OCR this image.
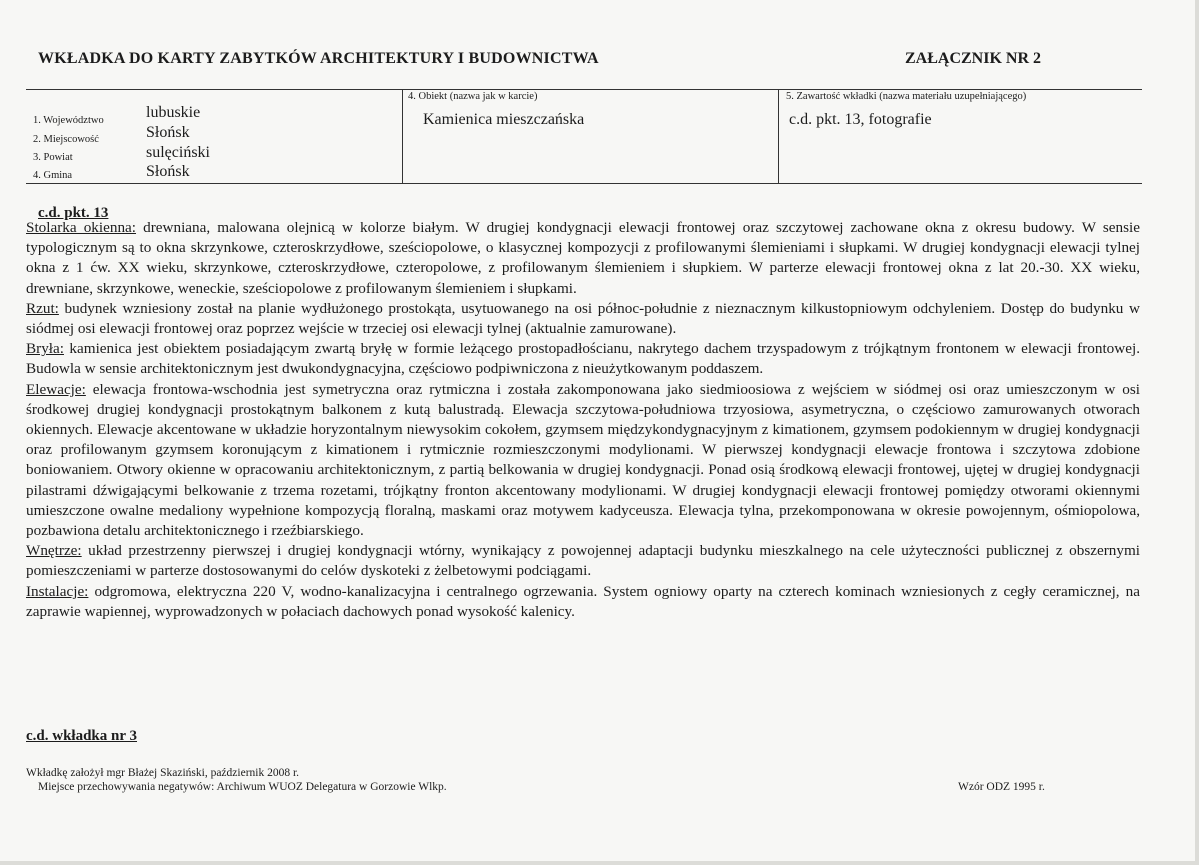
WKŁADKA DO KARTY ZABYTKÓW ARCHITEKTURY I BUDOWNICTWA	ZAŁĄCZNIK NR 2
1. Województwo	lubuskie
2. Miejscowość	Słońsk
3. Powiat	sulęciński
4. Gmina	Słońsk
4. Obiekt (nazwa jak w karcie)
Kamienica mieszczańska
5. Zawartość wkładki (nazwa materiału uzupełniającego)
c.d. pkt. 13, fotografie
c.d. pkt. 13

Stolarka okienna: drewniana, malowana olejnicą w kolorze białym. W drugiej kondygnacji elewacji frontowej oraz szczytowej zachowane okna z okresu budowy. W sensie typologicznym są to okna skrzynkowe, czteroskrzydłowe, sześciopolowe, o klasycznej kompozycji z profilowanymi ślemieniami i słupkami. W drugiej kondygnacji elewacji tylnej okna z 1 ćw. XX wieku, skrzynkowe, czteroskrzydłowe, czteropolowe, z profilowanym ślemieniem i słupkiem. W parterze elewacji frontowej okna z lat 20.-30. XX wieku, drewniane, skrzynkowe, weneckie, sześciopolowe z profilowanym ślemieniem i słupkami.

Rzut: budynek wzniesiony został na planie wydłużonego prostokąta, usytuowanego na osi północ-południe z nieznacznym kilkustopniowym odchyleniem. Dostęp do budynku w siódmej osi elewacji frontowej oraz poprzez wejście w trzeciej osi elewacji tylnej (aktualnie zamurowane).

Bryła: kamienica jest obiektem posiadającym zwartą bryłę w formie leżącego prostopadłościanu, nakrytego dachem trzyspadowym z trójkątnym frontonem w elewacji frontowej. Budowla w sensie architektonicznym jest dwukondygnacyjna, częściowo podpiwniczona z nieużytkowanym poddaszem.

Elewacje: elewacja frontowa-wschodnia jest symetryczna oraz rytmiczna i została zakomponowana jako siedmioosiowa z wejściem w siódmej osi oraz umieszczonym w osi środkowej drugiej kondygnacji prostokątnym balkonem z kutą balustradą. Elewacja szczytowa-południowa trzyosiowa, asymetryczna, o częściowo zamurowanych otworach okiennych. Elewacje akcentowane w układzie horyzontalnym niewysokim cokołem, gzymsem międzykondygnacyjnym z kimationem, gzymsem podokiennym w drugiej kondygnacji oraz profilowanym gzymsem koronującym z kimationem i rytmicznie rozmieszczonymi modylionami. W pierwszej kondygnacji elewacje frontowa i szczytowa zdobione boniowaniem. Otwory okienne w opracowaniu architektonicznym, z partią belkowania w drugiej kondygnacji. Ponad osią środkową elewacji frontowej, ujętej w drugiej kondygnacji pilastrami dźwigającymi belkowanie z trzema rozetami, trójkątny fronton akcentowany modylionami. W drugiej kondygnacji elewacji frontowej pomiędzy otworami okiennymi umieszczone owalne medaliony wypełnione kompozycją floralną, maskami oraz motywem kadyceusza. Elewacja tylna, przekomponowana w okresie powojennym, ośmiopolowa, pozbawiona detalu architektonicznego i rzeźbiarskiego.

Wnętrze: układ przestrzenny pierwszej i drugiej kondygnacji wtórny, wynikający z powojennej adaptacji budynku mieszkalnego na cele użyteczności publicznej z obszernymi pomieszczeniami w parterze dostosowanymi do celów dyskoteki z żelbetowymi podciągami.

Instalacje: odgromowa, elektryczna 220 V, wodno-kanalizacyjna i centralnego ogrzewania. System ogniowy oparty na czterech kominach wzniesionych z cegły ceramicznej, na zaprawie wapiennej, wyprowadzonych w połaciach dachowych ponad wysokość kalenicy.

c.d. wkładka nr 3
Wkładkę założył mgr Błażej Skaziński, październik 2008 r.
Miejsce przechowywania negatywów: Archiwum WUOZ Delegatura w Gorzowie Wlkp.	Wzór ODZ 1995 r.
